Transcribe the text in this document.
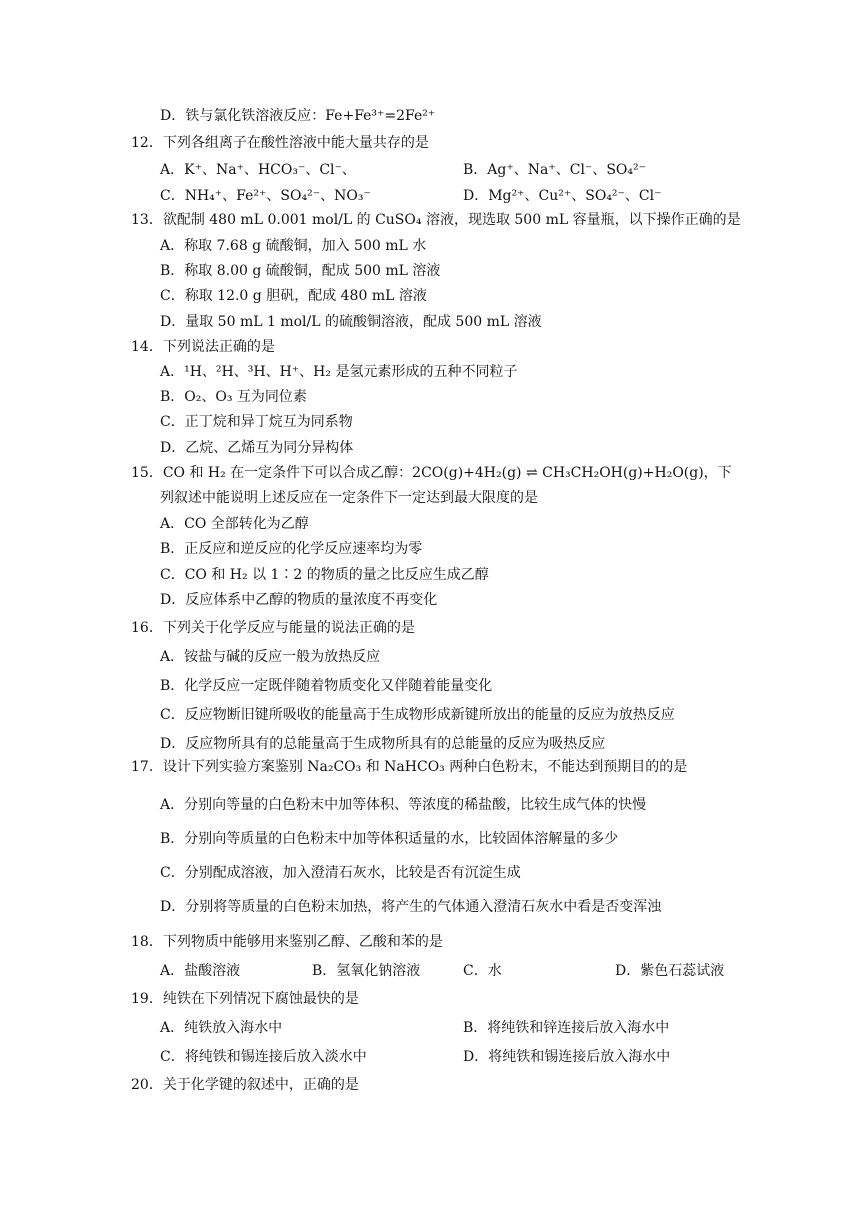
D．铁与氯化铁溶液反应：Fe+Fe³⁺=2Fe²⁺
12．下列各组离子在酸性溶液中能大量共存的是
A．K⁺、Na⁺、HCO₃⁻、Cl⁻、	B．Ag⁺、Na⁺、Cl⁻、SO₄²⁻
C．NH₄⁺、Fe²⁺、SO₄²⁻、NO₃⁻	D．Mg²⁺、Cu²⁺、SO₄²⁻、Cl⁻
13．欲配制 480 mL 0.001 mol/L 的 CuSO₄ 溶液，现选取 500 mL 容量瓶，以下操作正确的是
A．称取 7.68 g 硫酸铜，加入 500 mL 水
B．称取 8.00 g 硫酸铜，配成 500 mL 溶液
C．称取 12.0 g 胆矾，配成 480 mL 溶液
D．量取 50 mL 1 mol/L 的硫酸铜溶液，配成 500 mL 溶液
14．下列说法正确的是
A．¹H、²H、³H、H⁺、H₂ 是氢元素形成的五种不同粒子
B．O₂、O₃ 互为同位素
C．正丁烷和异丁烷互为同系物
D．乙烷、乙烯互为同分异构体
15．CO 和 H₂ 在一定条件下可以合成乙醇：2CO(g)+4H₂(g) ⇌ CH₃CH₂OH(g)+H₂O(g)，下
列叙述中能说明上述反应在一定条件下一定达到最大限度的是
A．CO 全部转化为乙醇
B．正反应和逆反应的化学反应速率均为零
C．CO 和 H₂ 以 1∶2 的物质的量之比反应生成乙醇
D．反应体系中乙醇的物质的量浓度不再变化
16．下列关于化学反应与能量的说法正确的是
A．铵盐与碱的反应一般为放热反应
B．化学反应一定既伴随着物质变化又伴随着能量变化
C．反应物断旧键所吸收的能量高于生成物形成新键所放出的能量的反应为放热反应
D．反应物所具有的总能量高于生成物所具有的总能量的反应为吸热反应
17．设计下列实验方案鉴别 Na₂CO₃ 和 NaHCO₃ 两种白色粉末，不能达到预期目的的是
A．分别向等量的白色粉末中加等体积、等浓度的稀盐酸，比较生成气体的快慢
B．分别向等质量的白色粉末中加等体积适量的水，比较固体溶解量的多少
C．分别配成溶液，加入澄清石灰水，比较是否有沉淀生成
D．分别将等质量的白色粉末加热，将产生的气体通入澄清石灰水中看是否变浑浊
18．下列物质中能够用来鉴别乙醇、乙酸和苯的是
A．盐酸溶液	B．氢氧化钠溶液	C．水	D．紫色石蕊试液
19．纯铁在下列情况下腐蚀最快的是
A．纯铁放入海水中	B．将纯铁和锌连接后放入海水中
C．将纯铁和锡连接后放入淡水中	D．将纯铁和锡连接后放入海水中
20．关于化学键的叙述中，正确的是
